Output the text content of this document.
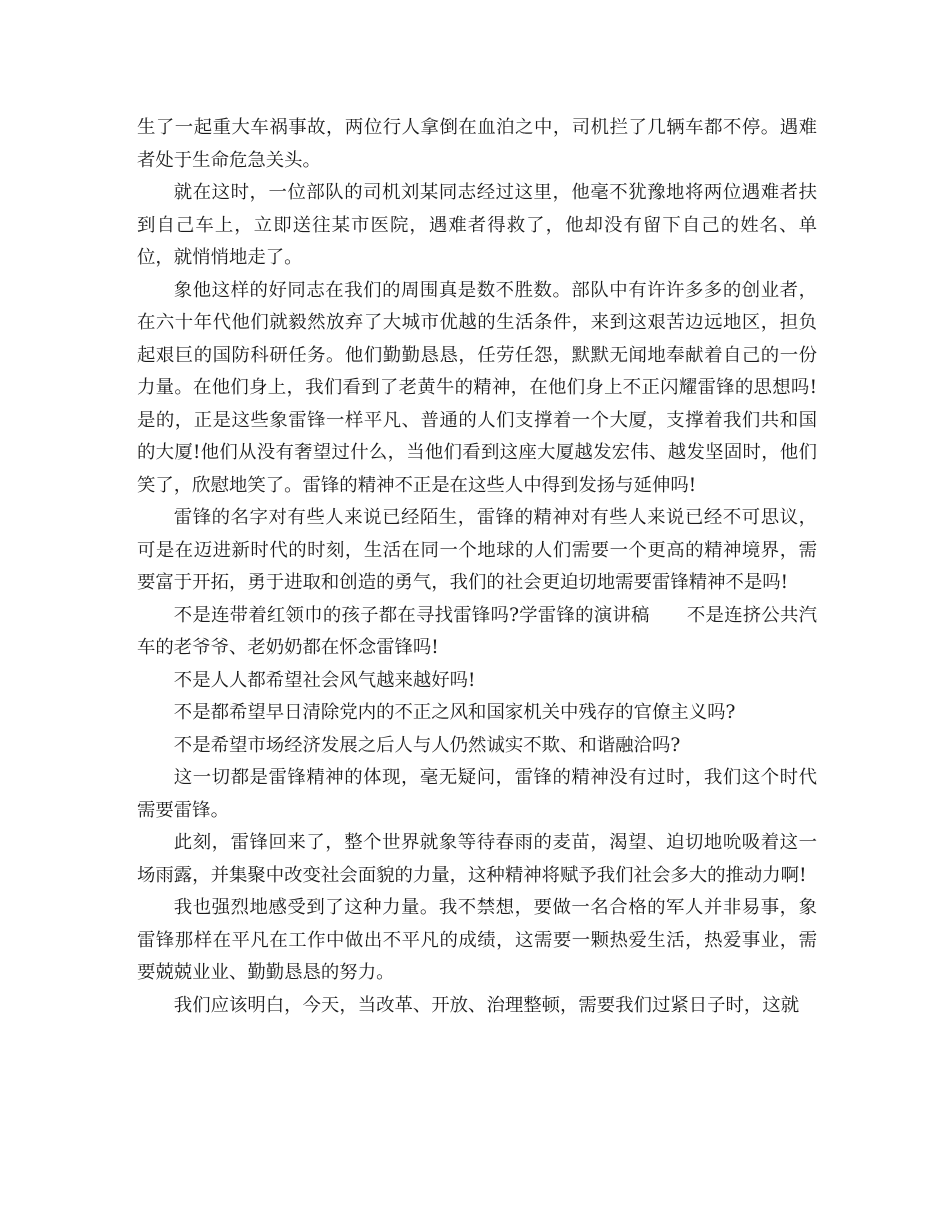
生了一起重大车祸事故，两位行人拿倒在血泊之中，司机拦了几辆车都不停。遇难者处于生命危急关头。

就在这时，一位部队的司机刘某同志经过这里，他毫不犹豫地将两位遇难者扶到自己车上，立即送往某市医院，遇难者得救了，他却没有留下自己的姓名、单位，就悄悄地走了。

象他这样的好同志在我们的周围真是数不胜数。部队中有许许多多的创业者，在六十年代他们就毅然放弃了大城市优越的生活条件，来到这艰苦边远地区，担负起艰巨的国防科研任务。他们勤勤恳恳，任劳任怨，默默无闻地奉献着自己的一份力量。在他们身上，我们看到了老黄牛的精神，在他们身上不正闪耀雷锋的思想吗!是的，正是这些象雷锋一样平凡、普通的人们支撑着一个大厦，支撑着我们共和国的大厦!他们从没有奢望过什么，当他们看到这座大厦越发宏伟、越发坚固时，他们笑了，欣慰地笑了。雷锋的精神不正是在这些人中得到发扬与延伸吗!

雷锋的名字对有些人来说已经陌生，雷锋的精神对有些人来说已经不可思议，可是在迈进新时代的时刻，生活在同一个地球的人们需要一个更高的精神境界，需要富于开拓，勇于进取和创造的勇气，我们的社会更迫切地需要雷锋精神不是吗!

不是连带着红领巾的孩子都在寻找雷锋吗?学雷锋的演讲稿　　不是连挤公共汽车的老爷爷、老奶奶都在怀念雷锋吗!

不是人人都希望社会风气越来越好吗!

不是都希望早日清除党内的不正之风和国家机关中残存的官僚主义吗?

不是希望市场经济发展之后人与人仍然诚实不欺、和谐融洽吗?

这一切都是雷锋精神的体现，毫无疑问，雷锋的精神没有过时，我们这个时代需要雷锋。

此刻，雷锋回来了，整个世界就象等待春雨的麦苗，渴望、迫切地吮吸着这一场雨露，并集聚中改变社会面貌的力量，这种精神将赋予我们社会多大的推动力啊!

我也强烈地感受到了这种力量。我不禁想，要做一名合格的军人并非易事，象雷锋那样在平凡在工作中做出不平凡的成绩，这需要一颗热爱生活，热爱事业，需要兢兢业业、勤勤恳恳的努力。

我们应该明白，今天，当改革、开放、治理整顿，需要我们过紧日子时，这就
